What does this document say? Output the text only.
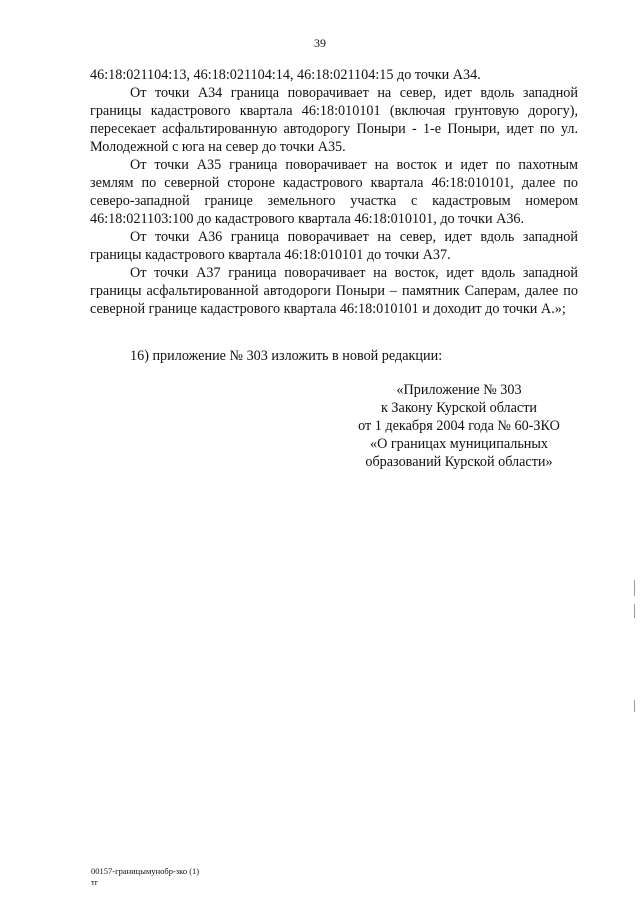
39

46:18:021104:13, 46:18:021104:14, 46:18:021104:15 до точки А34.

От точки А34 граница поворачивает на север, идет вдоль западной границы кадастрового квартала 46:18:010101 (включая грунтовую дорогу), пересекает асфальтированную автодорогу Поныри - 1-е Поныри, идет по ул. Молодежной с юга на север до точки А35.

От точки А35 граница поворачивает на восток и идет по пахотным землям по северной стороне кадастрового квартала 46:18:010101, далее по северо-западной границе земельного участка с кадастровым номером 46:18:021103:100 до кадастрового квартала 46:18:010101, до точки А36.

От точки А36 граница поворачивает на север, идет вдоль западной границы кадастрового квартала 46:18:010101 до точки А37.

От точки А37 граница поворачивает на восток, идет вдоль западной границы асфальтированной автодороги Поныри – памятник Саперам, далее по северной границе кадастрового квартала 46:18:010101 и доходит до точки А.»;

16) приложение № 303 изложить в новой редакции:
«Приложение № 303
к Закону Курской области
от 1 декабря 2004 года № 60-ЗКО
«О границах муниципальных
образований Курской области»
00157-границымунобр-зко (1)
тг
